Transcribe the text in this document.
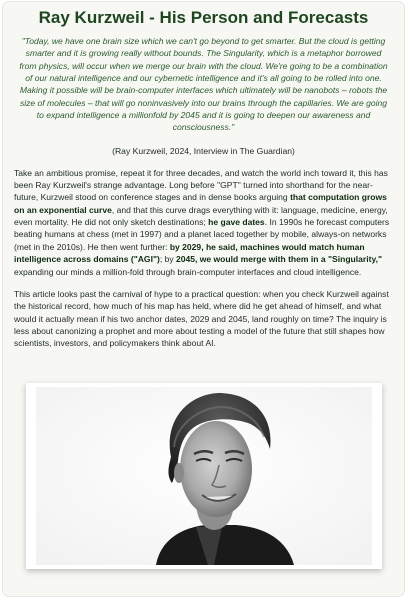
Ray Kurzweil - His Person and Forecasts

"Today, we have one brain size which we can't go beyond to get smarter. But the cloud is getting smarter and it is growing really without bounds. The Singularity, which is a metaphor borrowed from physics, will occur when we merge our brain with the cloud. We're going to be a combination of our natural intelligence and our cybernetic intelligence and it's all going to be rolled into one. Making it possible will be brain-computer interfaces which ultimately will be nanobots – robots the size of molecules – that will go noninvasively into our brains through the capillaries. We are going to expand intelligence a millionfold by 2045 and it is going to deepen our awareness and consciousness."

(Ray Kurzweil, 2024, Interview in The Guardian)

Take an ambitious promise, repeat it for three decades, and watch the world inch toward it, this has been Ray Kurzweil's strange advantage. Long before "GPT" turned into shorthand for the near-future, Kurzweil stood on conference stages and in dense books arguing that computation grows on an exponential curve, and that this curve drags everything with it: language, medicine, energy, even mortality. He did not only sketch destinations; he gave dates. In 1990s he forecast computers beating humans at chess (met in 1997) and a planet laced together by mobile, always-on networks (met in the 2010s). He then went further: by 2029, he said, machines would match human intelligence across domains ("AGI"); by 2045, we would merge with them in a "Singularity," expanding our minds a million-fold through brain-computer interfaces and cloud intelligence.

This article looks past the carnival of hype to a practical question: when you check Kurzweil against the historical record, how much of his map has held, where did he get ahead of himself, and what would it actually mean if his two anchor dates, 2029 and 2045, land roughly on time? The inquiry is less about canonizing a prophet and more about testing a model of the future that still shapes how scientists, investors, and policymakers think about AI.
